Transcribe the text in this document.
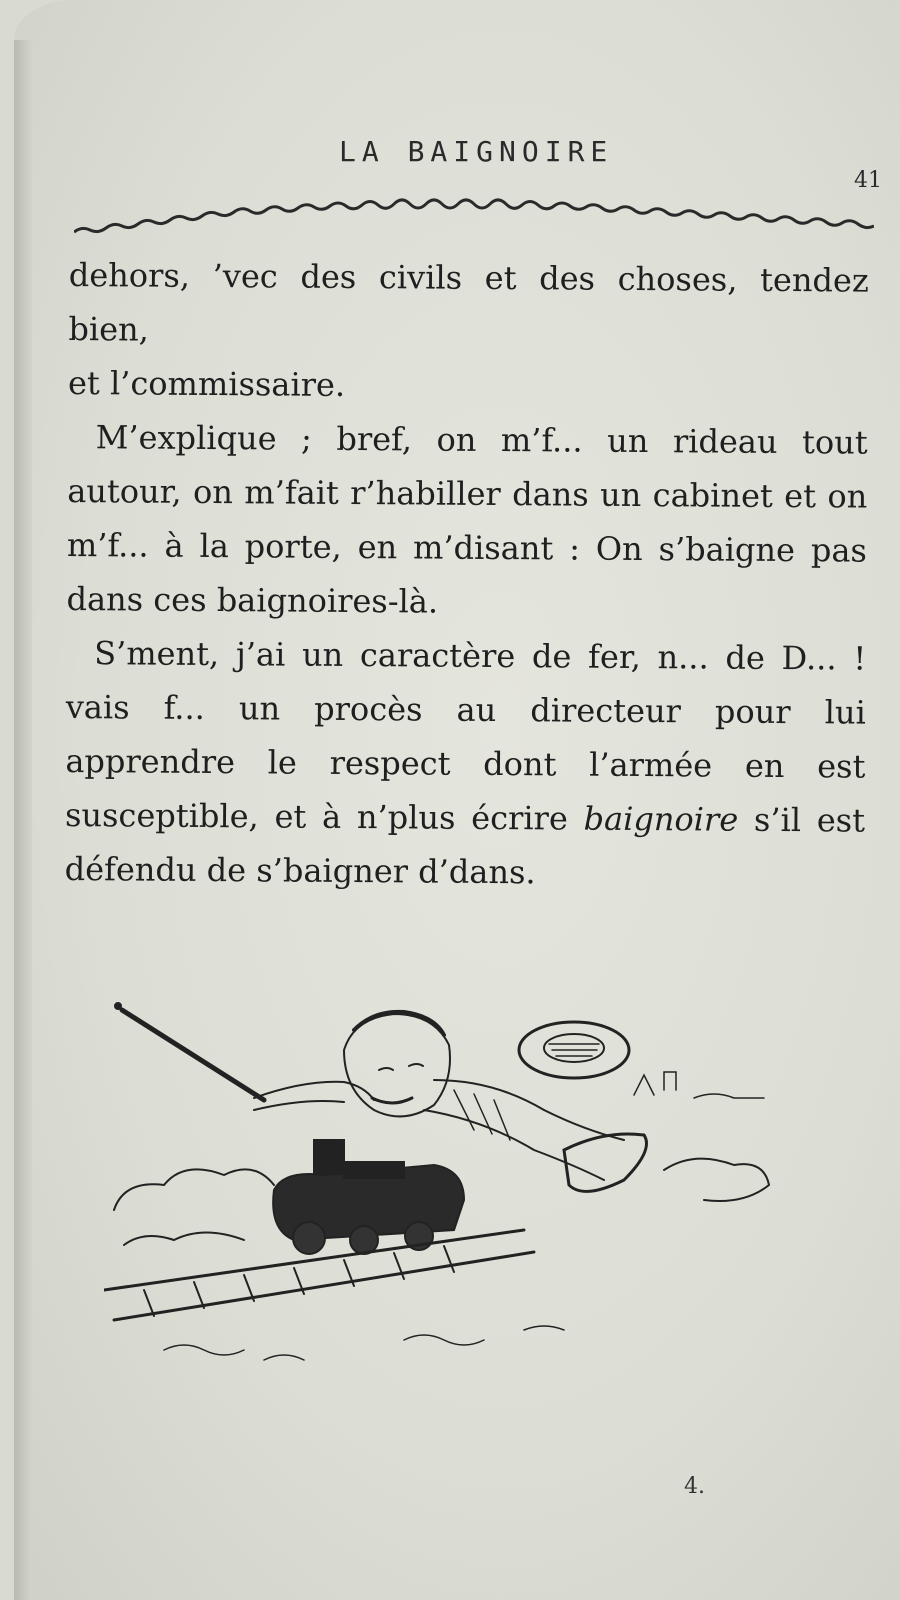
LA BAIGNOIRE
41

dehors, ’vec des civils et des choses, tendez bien,

et l’commissaire.

M’explique ; bref, on m’f... un rideau tout autour, on m’fait r’habiller dans un cabinet et on m’f... à la porte, en m’disant : On s’baigne pas dans ces baignoires-là.

S’ment, j’ai un caractère de fer, n... de D... ! vais f... un procès au directeur pour lui apprendre le respect dont l’armée en est susceptible, et à n’plus écrire baignoire s’il est défendu de s’baigner d’dans.

4.
